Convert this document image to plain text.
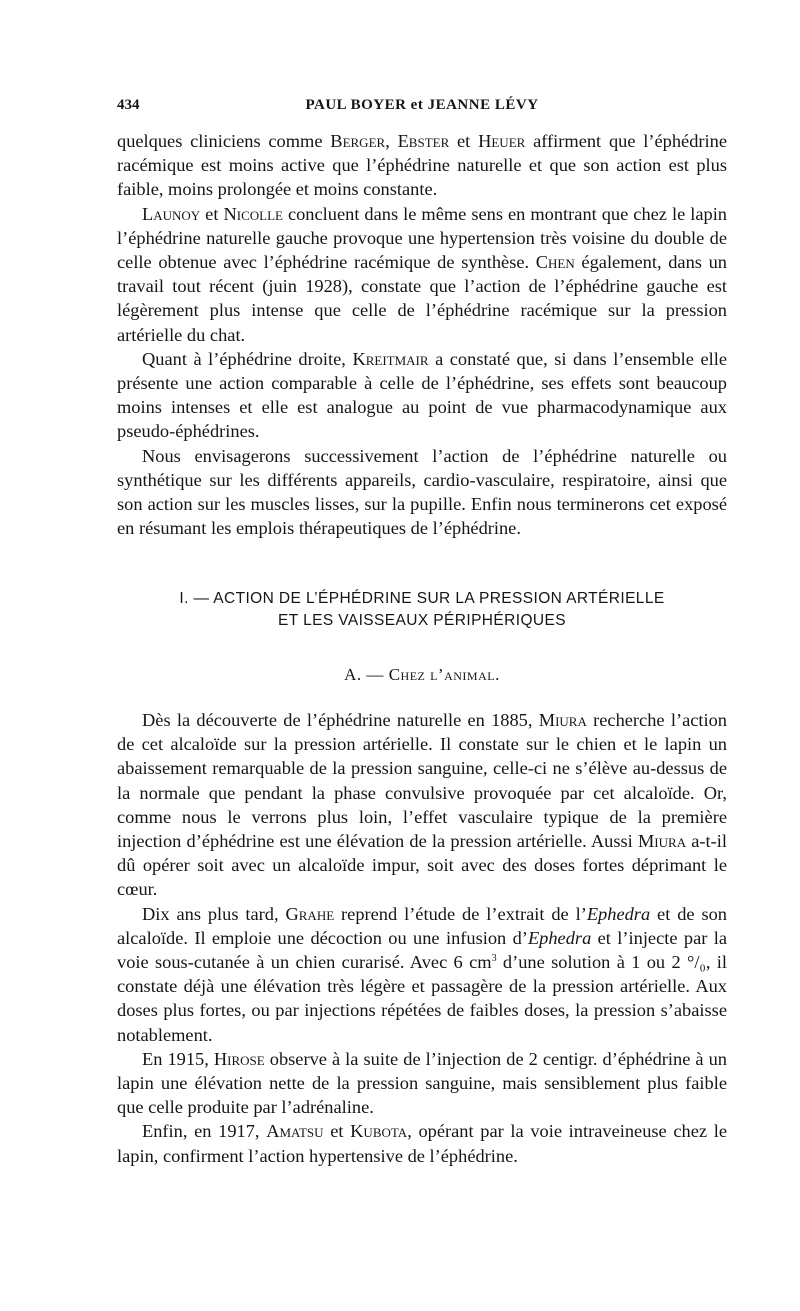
434	PAUL BOYER et JEANNE LÉVY

quelques cliniciens comme Berger, Ebster et Heuer affirment que l’éphédrine racémique est moins active que l’éphédrine naturelle et que son action est plus faible, moins prolongée et moins constante.

Launoy et Nicolle concluent dans le même sens en montrant que chez le lapin l’éphédrine naturelle gauche provoque une hypertension très voisine du double de celle obtenue avec l’éphédrine racémique de synthèse. Chen également, dans un travail tout récent (juin 1928), constate que l’action de l’éphédrine gauche est légèrement plus intense que celle de l’éphédrine racémique sur la pression artérielle du chat.

Quant à l’éphédrine droite, Kreitmair a constaté que, si dans l’ensemble elle présente une action comparable à celle de l’éphédrine, ses effets sont beaucoup moins intenses et elle est analogue au point de vue pharmacodynamique aux pseudo-éphédrines.

Nous envisagerons successivement l’action de l’éphédrine naturelle ou synthétique sur les différents appareils, cardio-vasculaire, respiratoire, ainsi que son action sur les muscles lisses, sur la pupille. Enfin nous terminerons cet exposé en résumant les emplois thérapeutiques de l’éphédrine.

I. — ACTION DE L’ÉPHÉDRINE SUR LA PRESSION ARTÉRIELLE
ET LES VAISSEAUX PÉRIPHÉRIQUES
A. — Chez l’animal.

Dès la découverte de l’éphédrine naturelle en 1885, Miura recherche l’action de cet alcaloïde sur la pression artérielle. Il constate sur le chien et le lapin un abaissement remarquable de la pression sanguine, celle-ci ne s’élève au-dessus de la normale que pendant la phase convulsive provoquée par cet alcaloïde. Or, comme nous le verrons plus loin, l’effet vasculaire typique de la première injection d’éphédrine est une élévation de la pression artérielle. Aussi Miura a-t-il dû opérer soit avec un alcaloïde impur, soit avec des doses fortes déprimant le cœur.

Dix ans plus tard, Grahe reprend l’étude de l’extrait de l’Ephedra et de son alcaloïde. Il emploie une décoction ou une infusion d’Ephedra et l’injecte par la voie sous-cutanée à un chien curarisé. Avec 6 $cm^3$ d’une solution à 1 ou 2 °/₀, il constate déjà une élévation très légère et passagère de la pression artérielle. Aux doses plus fortes, ou par injections répétées de faibles doses, la pression s’abaisse notablement.

En 1915, Hirose observe à la suite de l’injection de 2 centigr. d’éphédrine à un lapin une élévation nette de la pression sanguine, mais sensiblement plus faible que celle produite par l’adrénaline.

Enfin, en 1917, Amatsu et Kubota, opérant par la voie intraveineuse chez le lapin, confirment l’action hypertensive de l’éphédrine.
